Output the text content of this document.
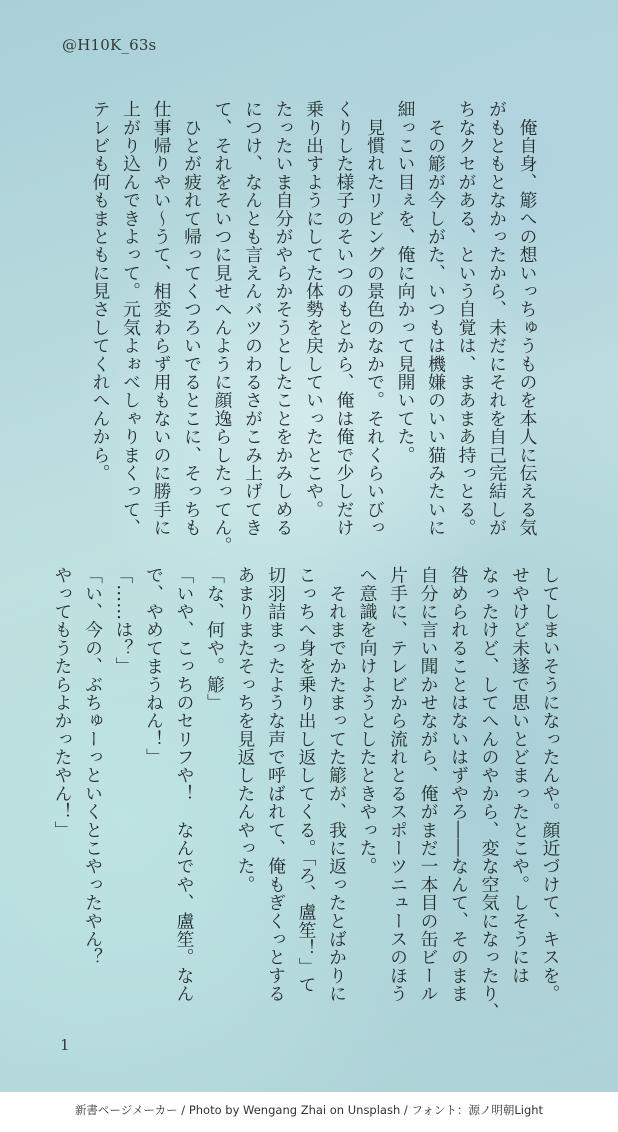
@H10K_63s

　俺自身、簓への想いっちゅうものを本人に伝える気

がもともとなかったから、未だにそれを自己完結しが

ちなクセがある、という自覚は、まあまあ持っとる。

　その簓が今しがた、いつもは機嫌のいい猫みたいに

細っこい目ぇを、俺に向かって見開いてた。

　見慣れたリビングの景色のなかで。それくらいびっ

くりした様子のそいつのもとから、俺は俺で少しだけ

乗り出すようにしてた体勢を戻していったとこや。

たったいま自分がやらかそうとしたことをかみしめる

につけ、なんとも言えんバツのわるさがこみ上げてき

て、それをそいつに見せへんように顔逸らしたってん。

　ひとが疲れて帰ってくつろいでるとこに、そっちも

仕事帰りやい〜うて、相変わらず用もないのに勝手に

上がり込んできよって。元気よぉべしゃりまくって、

テレビも何もまともに見さしてくれへんから。

してしまいそうになったんや。顔近づけて、キスを。

せやけど未遂で思いとどまったとこや。しそうには

なったけど、してへんのやから、変な空気になったり、

咎められることはないはずやろ――なんて、そのまま

自分に言い聞かせながら、俺がまだ一本目の缶ビール

片手に、テレビから流れとるスポーツニュースのほう

へ意識を向けようとしたときやった。

　それまでかたまってた簓が、我に返ったとばかりに

こっちへ身を乗り出し返してくる。「ろ、盧笙！」て

切羽詰まったような声で呼ばれて、俺もぎくっとする

あまりまたそっちを見返したんやった。

「な、何や。簓」

「いや、こっちのセリフや！　なんでや、盧笙。なん

で、やめてまうねん！」

「……は？」

「い、今の、ぶちゅーっといくとこやったやん？

やってもうたらよかったやん！」

1
新書ページメーカー / Photo by Wengang Zhai on Unsplash / フォント：源ノ明朝Light
